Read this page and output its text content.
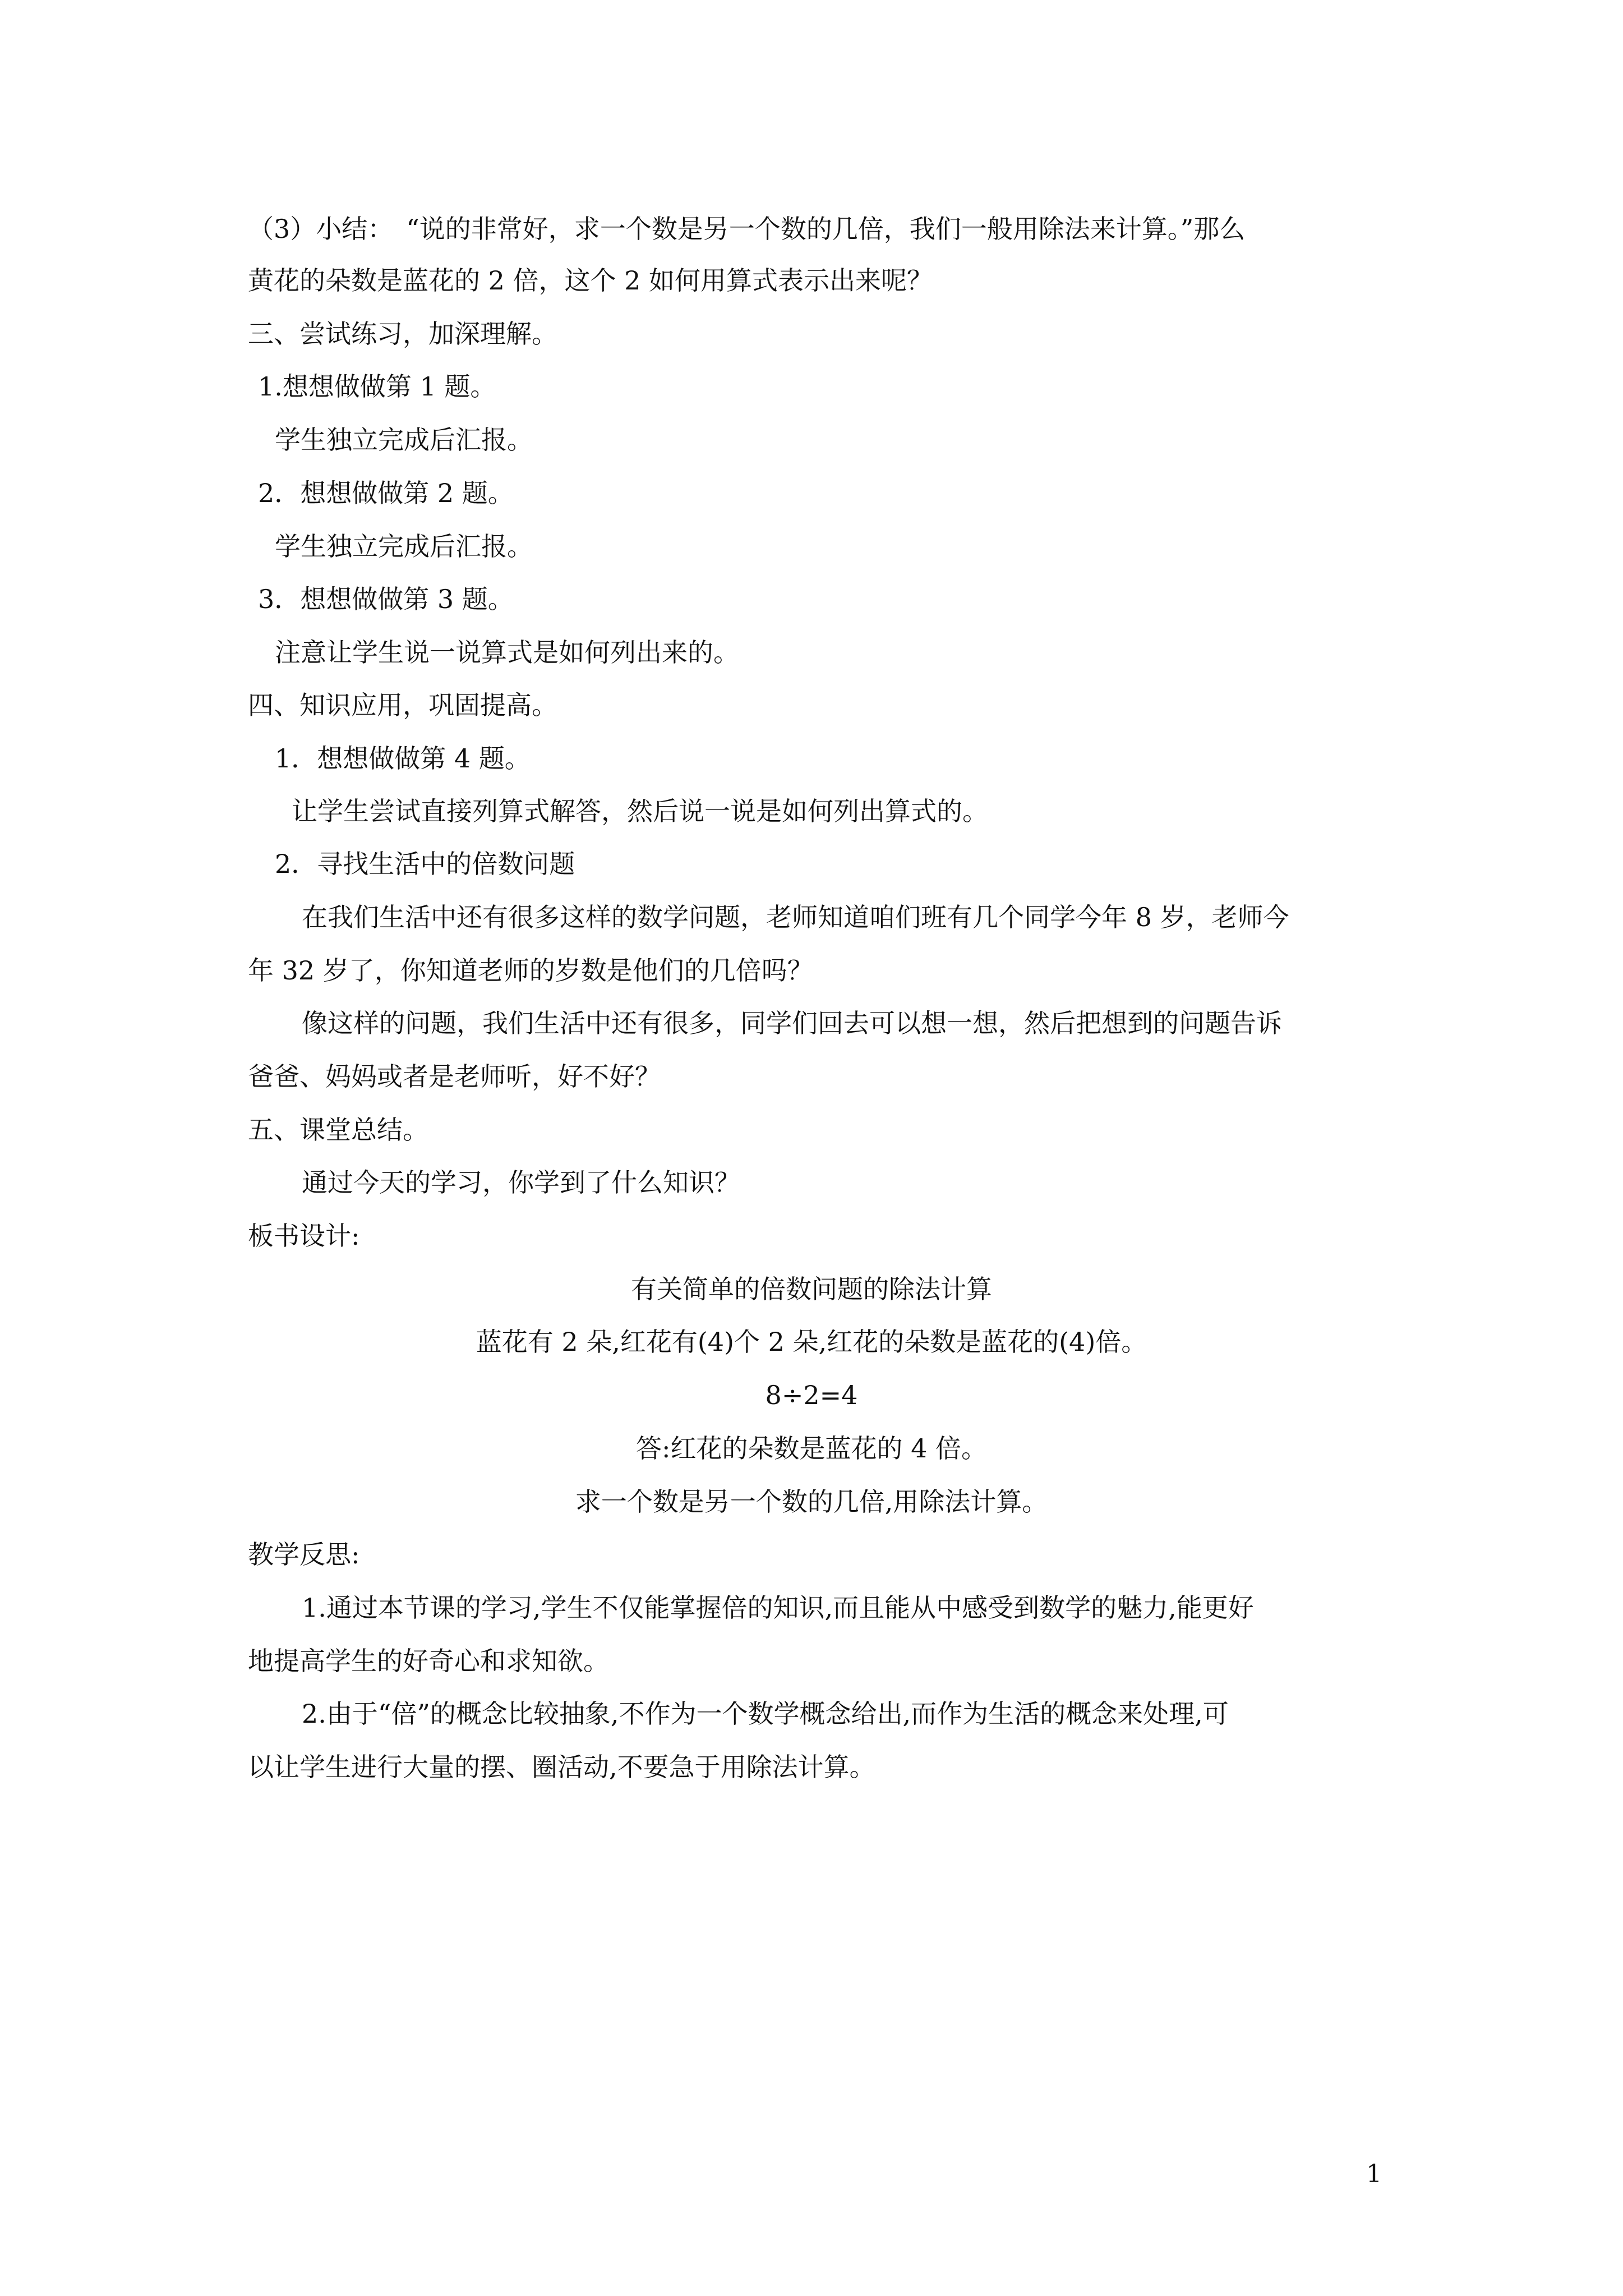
（3）小结：　“说的非常好，求一个数是另一个数的几倍，我们一般用除法来计算。”那么
黄花的朵数是蓝花的 2 倍，这个 2 如何用算式表示出来呢？
三、尝试练习，加深理解。
1.想想做做第 1 题。
学生独立完成后汇报。
2．想想做做第 2 题。
学生独立完成后汇报。
3．想想做做第 3 题。
注意让学生说一说算式是如何列出来的。
四、知识应用，巩固提高。
1．想想做做第 4 题。
让学生尝试直接列算式解答，然后说一说是如何列出算式的。
2．寻找生活中的倍数问题
在我们生活中还有很多这样的数学问题，老师知道咱们班有几个同学今年 8 岁，老师今
年 32 岁了，你知道老师的岁数是他们的几倍吗？
像这样的问题，我们生活中还有很多，同学们回去可以想一想，然后把想到的问题告诉
爸爸、妈妈或者是老师听，好不好？
五、课堂总结。
通过今天的学习，你学到了什么知识？
板书设计:
有关简单的倍数问题的除法计算
蓝花有 2 朵,红花有(4)个 2 朵,红花的朵数是蓝花的(4)倍。
8÷2=4
答:红花的朵数是蓝花的 4 倍。
求一个数是另一个数的几倍,用除法计算。
教学反思:
1.通过本节课的学习,学生不仅能掌握倍的知识,而且能从中感受到数学的魅力,能更好
地提高学生的好奇心和求知欲。
2.由于“倍”的概念比较抽象,不作为一个数学概念给出,而作为生活的概念来处理,可
以让学生进行大量的摆、圈活动,不要急于用除法计算。
1
